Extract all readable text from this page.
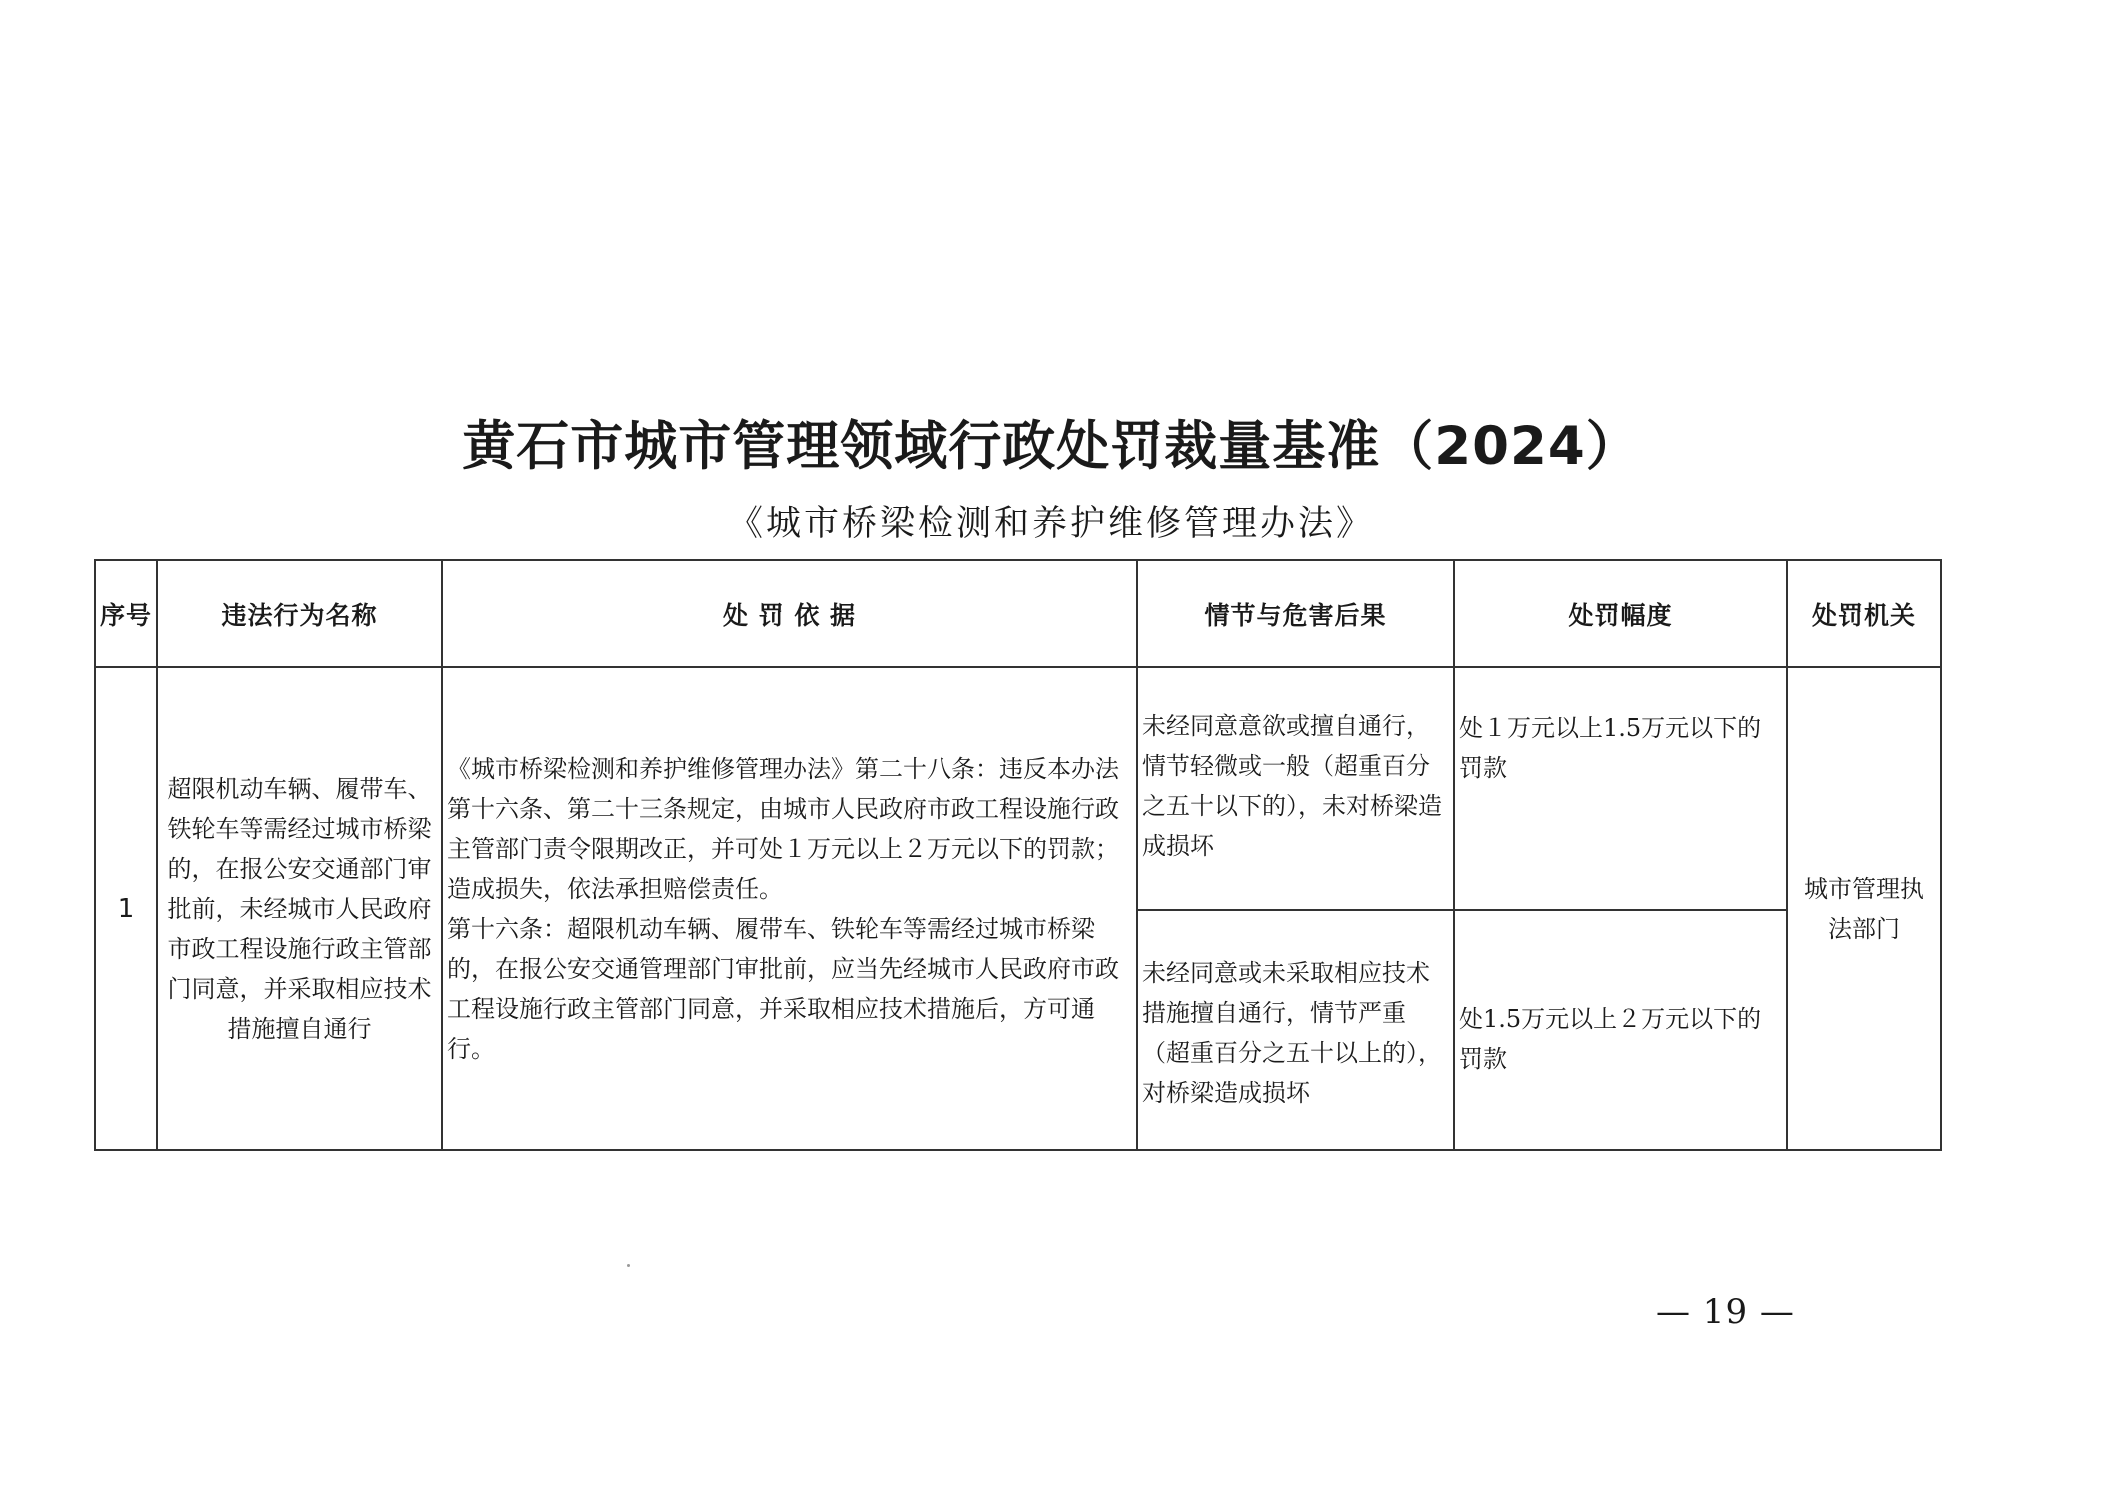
黄石市城市管理领域行政处罚裁量基准（2024）
《城市桥梁检测和养护维修管理办法》
序号	违法行为名称	处 罚 依 据	情节与危害后果	处罚幅度	处罚机关
1	超限机动车辆、履带车、铁轮车等需经过城市桥梁的，在报公安交通部门审批前，未经城市人民政府市政工程设施行政主管部门同意，并采取相应技术措施擅自通行	《城市桥梁检测和养护维修管理办法》第二十八条：违反本办法第十六条、第二十三条规定，由城市人民政府市政工程设施行政主管部门责令限期改正，并可处１万元以上２万元以下的罚款；造成损失，依法承担赔偿责任。
第十六条：超限机动车辆、履带车、铁轮车等需经过城市桥梁的，在报公安交通管理部门审批前，应当先经城市人民政府市政工程设施行政主管部门同意，并采取相应技术措施后，方可通行。	未经同意意欲或擅自通行，情节轻微或一般（超重百分之五十以下的），未对桥梁造成损坏	处１万元以上1.5万元以下的罚款	城市管理执法部门
			未经同意或未采取相应技术措施擅自通行，情节严重（超重百分之五十以上的），对桥梁造成损坏	处1.5万元以上２万元以下的罚款	
— 19 —
